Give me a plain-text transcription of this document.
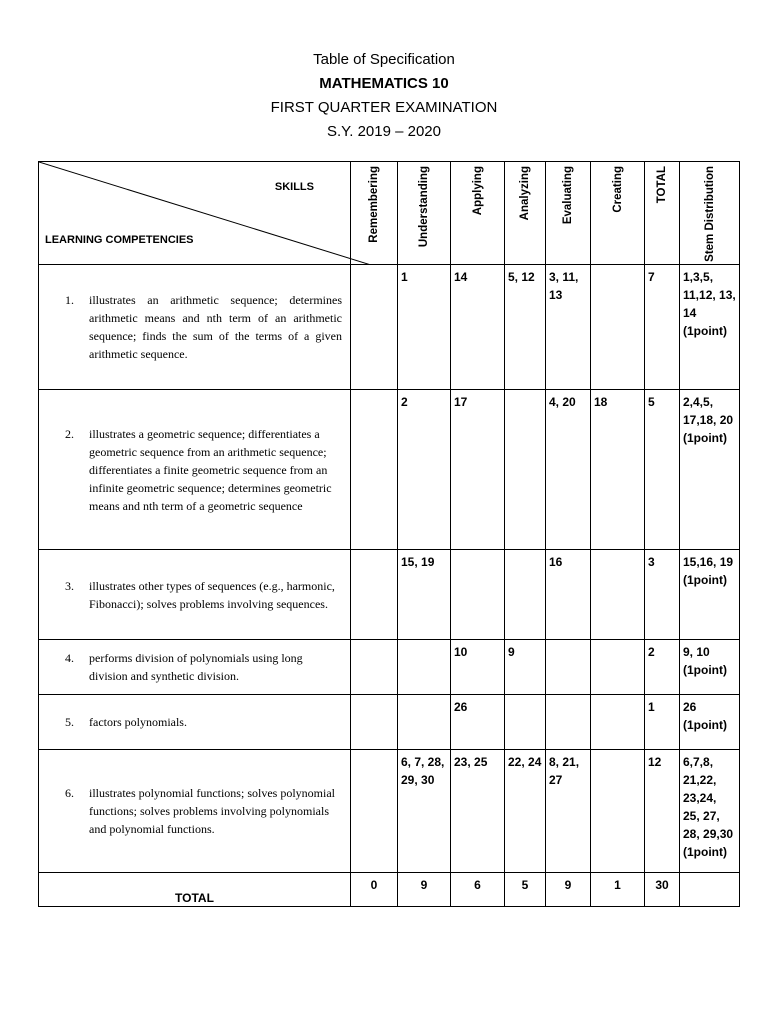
Table of Specification
MATHEMATICS 10
FIRST QUARTER EXAMINATION
S.Y. 2019 – 2020
SKILLS
LEARNING COMPETENCIES	Remembering	Understanding	Applying	Analyzing	Evaluating	Creating	TOTAL	Stem Distribution

1. illustrates an arithmetic sequence; determines arithmetic means and nth term of an arithmetic sequence; finds the sum of the terms of a given arithmetic sequence.		1	14	5, 12	3, 11, 13		7	1,3,5, 11,12, 13, 14 (1point)

2. illustrates a geometric sequence; differentiates a geometric sequence from an arithmetic sequence; differentiates a finite geometric sequence from an infinite geometric sequence; determines geometric means and nth term of a geometric sequence		2	17		4, 20	18	5	2,4,5, 17,18, 20 (1point)

3. illustrates other types of sequences (e.g., harmonic, Fibonacci); solves problems involving sequences.		15, 19			16		3	15,16, 19 (1point)

4. performs division of polynomials using long division and synthetic division.			10	9			2	9, 10 (1point)

5. factors polynomials.			26				1	26 (1point)

6. illustrates polynomial functions; solves polynomial functions; solves problems involving polynomials and polynomial functions.		6, 7, 28, 29, 30	23, 25	22, 24	8, 21, 27		12	6,7,8, 21,22, 23,24, 25, 27, 28, 29,30 (1point)
TOTAL	0	9	6	5	9	1	30	
